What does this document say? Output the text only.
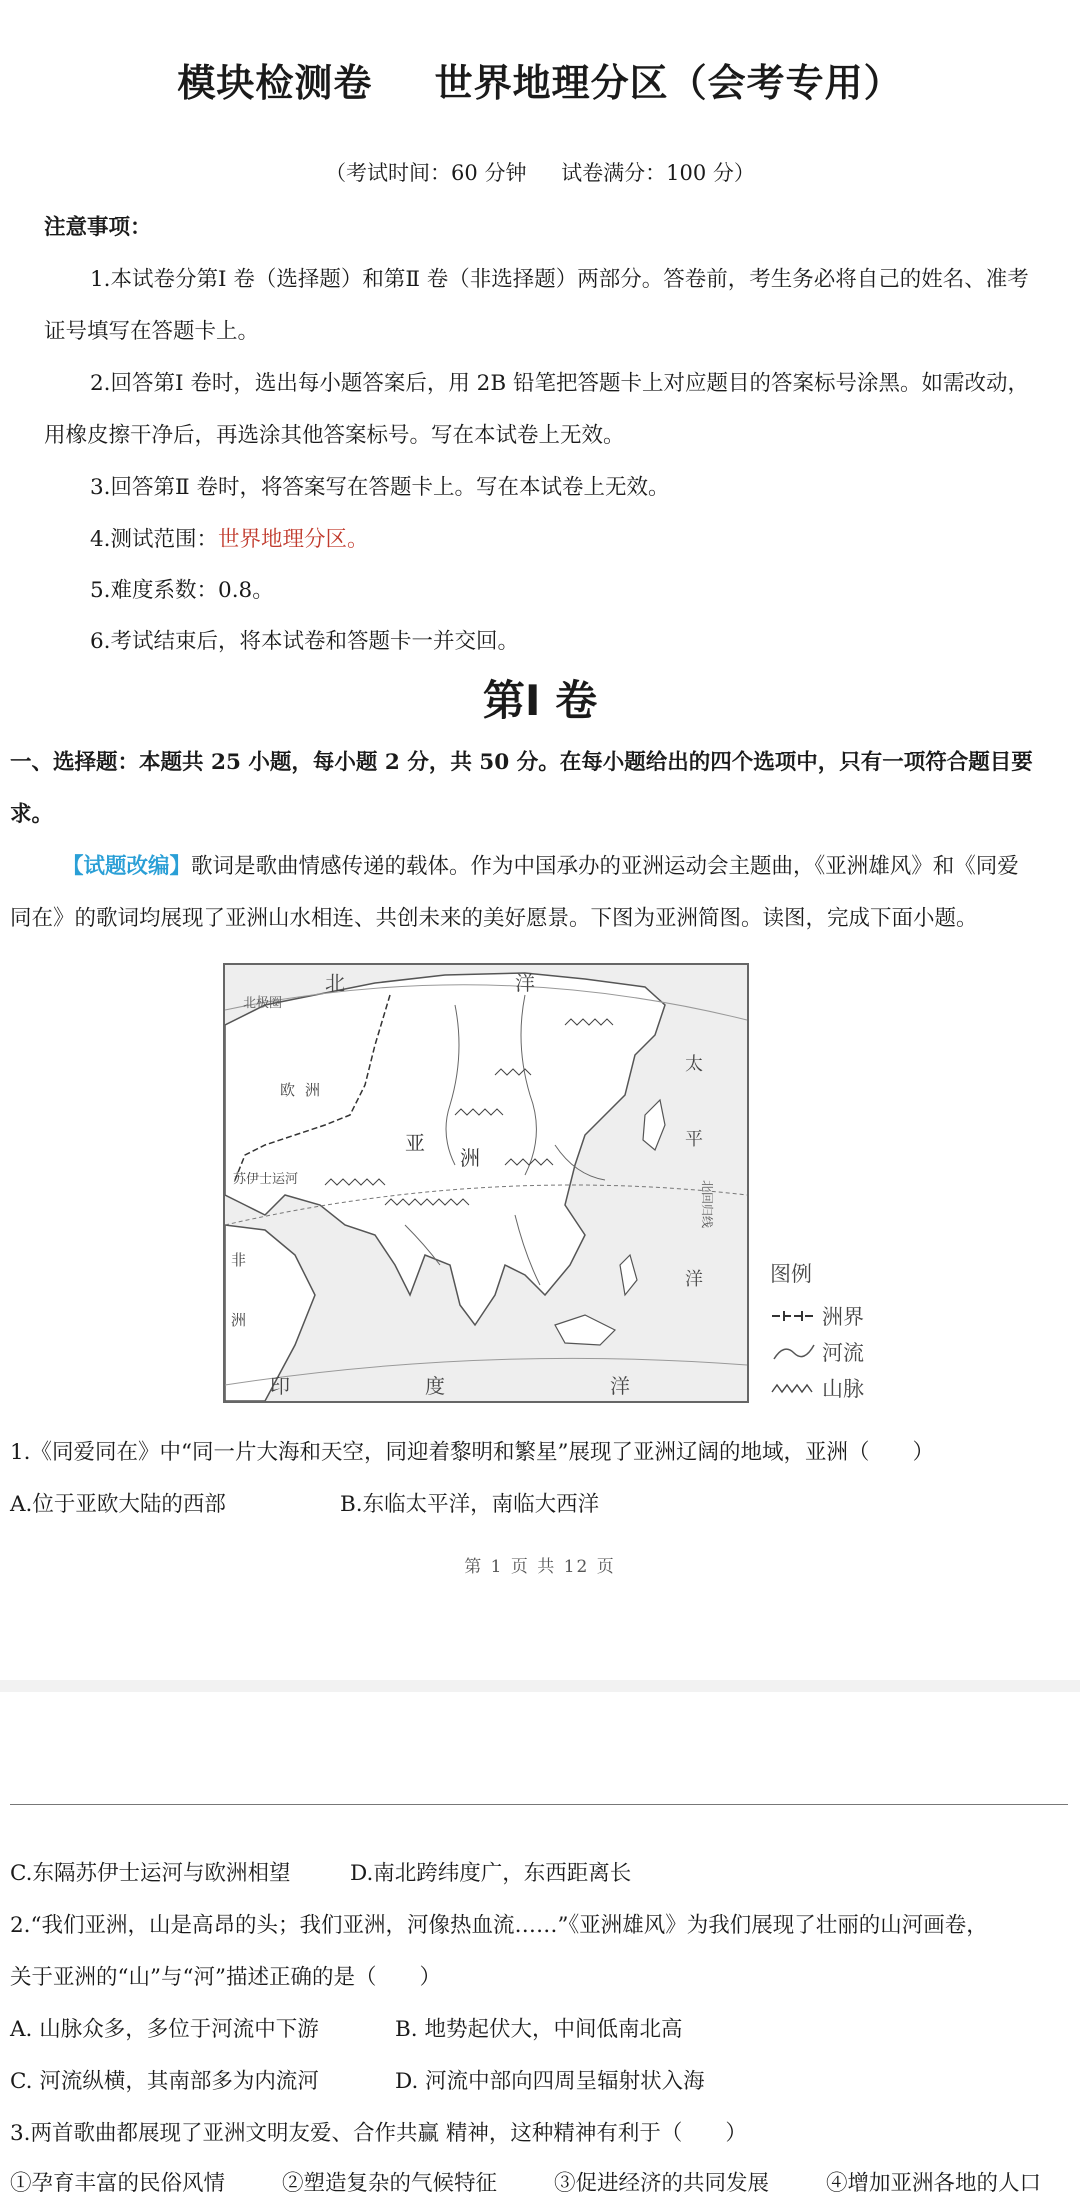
模块检测卷 世界地理分区（会考专用）
（考试时间：60 分钟 试卷满分：100 分）
注意事项：
1.本试卷分第Ⅰ 卷（选择题）和第Ⅱ 卷（非选择题）两部分。答卷前，考生务必将自己的姓名、准考
证号填写在答题卡上。
2.回答第Ⅰ 卷时，选出每小题答案后，用 2B 铅笔把答题卡上对应题目的答案标号涂黑。如需改动，
用橡皮擦干净后，再选涂其他答案标号。写在本试卷上无效。
3.回答第Ⅱ 卷时，将答案写在答题卡上。写在本试卷上无效。
4.测试范围：世界地理分区。
5.难度系数：0.8。
6.考试结束后，将本试卷和答题卡一并交回。
第Ⅰ 卷
一、选择题：本题共 25 小题，每小题 2 分，共 50 分。在每小题给出的四个选项中，只有一项符合题目要
求。
【试题改编】歌词是歌曲情感传递的载体。作为中国承办的亚洲运动会主题曲，《亚洲雄风》和《同爱
同在》的歌词均展现了亚洲山水相连、共创未来的美好愿景。下图为亚洲简图。读图，完成下面小题。
北	洋
北极圈
欧 洲
亚
洲
苏伊士运河
太
平
洋
北回归线
非
洲
印	度	洋
图例
洲界
河流
山脉
1.《同爱同在》中“同一片大海和天空，同迎着黎明和繁星”展现了亚洲辽阔的地域，亚洲（　　）
A.位于亚欧大陆的西部	B.东临太平洋，南临大西洋
第 1 页 共 12 页
C.东隔苏伊士运河与欧洲相望	D.南北跨纬度广，东西距离长
2.“我们亚洲，山是高昂的头；我们亚洲，河像热血流……”《亚洲雄风》为我们展现了壮丽的山河画卷，
关于亚洲的“山”与“河”描述正确的是（　　）
A. 山脉众多，多位于河流中下游	B. 地势起伏大，中间低南北高
C. 河流纵横，其南部多为内流河	D. 河流中部向四周呈辐射状入海
3.两首歌曲都展现了亚洲文明友爱、合作共赢 精神，这种精神有利于（　　）
①孕育丰富的民俗风情	②塑造复杂的气候特征	③促进经济的共同发展	④增加亚洲各地的人口
